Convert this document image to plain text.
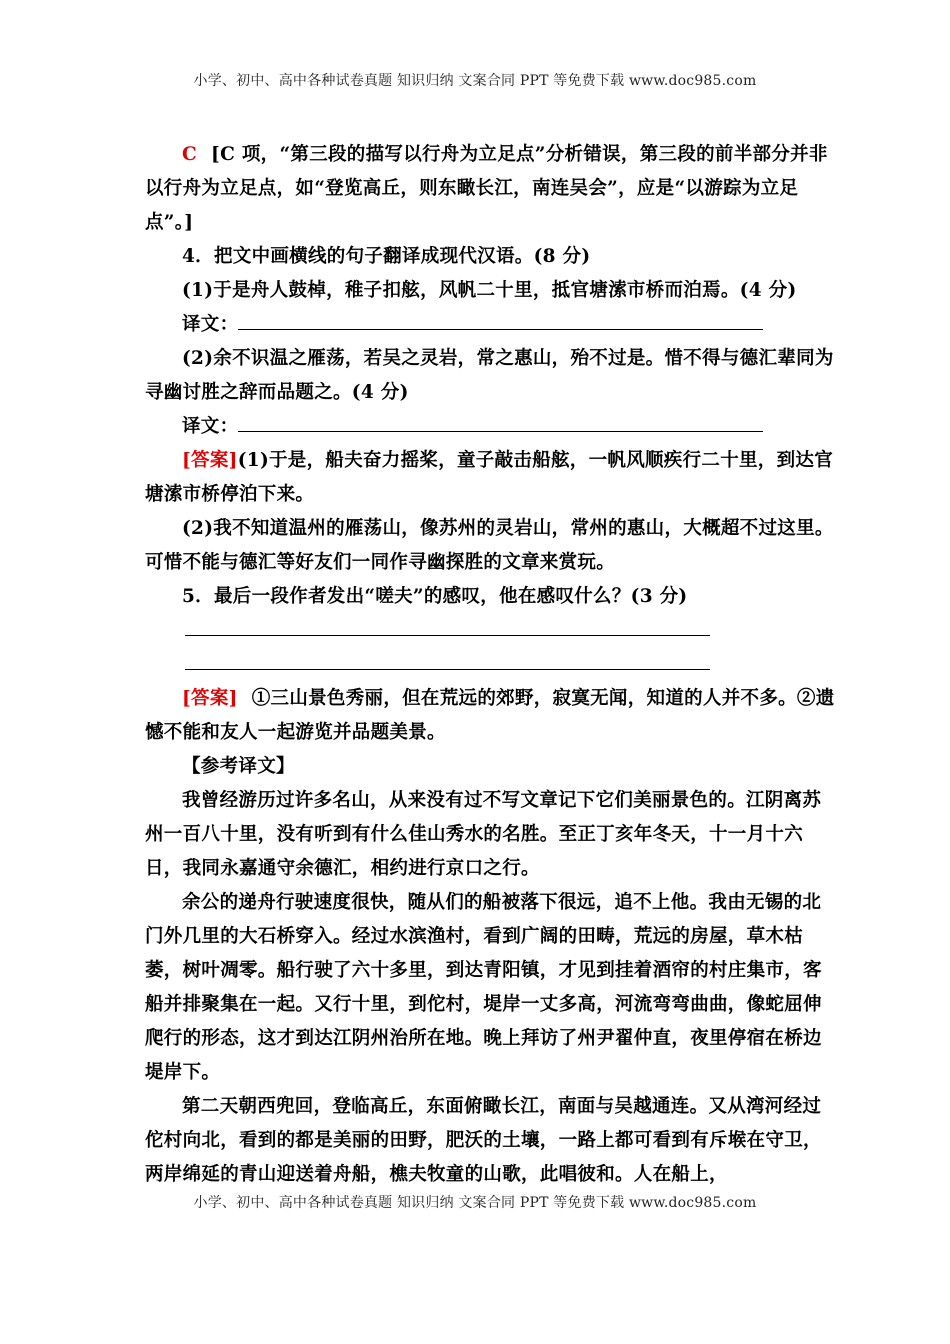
小学、初中、高中各种试卷真题 知识归纳 文案合同 PPT 等免费下载 www.doc985.com

C [C 项，“第三段的描写以行舟为立足点”分析错误，第三段的前半部分并非以行舟为立足点，如“登览高丘，则东瞰长江，南连吴会”，应是“以游踪为立足点”。]

4．把文中画横线的句子翻译成现代汉语。(8 分)

(1)于是舟人鼓棹，稚子扣舷，风帆二十里，抵官塘溹市桥而泊焉。(4 分)

译文：

(2)余不识温之雁荡，若吴之灵岩，常之惠山，殆不过是。惜不得与德汇辈同为寻幽讨胜之辞而品题之。(4 分)

译文：

[答案](1)于是，船夫奋力摇桨，童子敲击船舷，一帆风顺疾行二十里，到达官塘溹市桥停泊下来。

(2)我不知道温州的雁荡山，像苏州的灵岩山，常州的惠山，大概超不过这里。可惜不能与德汇等好友们一同作寻幽探胜的文章来赏玩。

5．最后一段作者发出“嗟夫”的感叹，他在感叹什么？(3 分)

[答案] ①三山景色秀丽，但在荒远的郊野，寂寞无闻，知道的人并不多。②遗憾不能和友人一起游览并品题美景。

【参考译文】

我曾经游历过许多名山，从来没有过不写文章记下它们美丽景色的。江阴离苏州一百八十里，没有听到有什么佳山秀水的名胜。至正丁亥年冬天，十一月十六日，我同永嘉通守余德汇，相约进行京口之行。

余公的递舟行驶速度很快，随从们的船被落下很远，追不上他。我由无锡的北门外几里的大石桥穿入。经过水滨渔村，看到广阔的田畴，荒远的房屋，草木枯萎，树叶凋零。船行驶了六十多里，到达青阳镇，才见到挂着酒帘的村庄集市，客船并排聚集在一起。又行十里，到佗村，堤岸一丈多高，河流弯弯曲曲，像蛇屈伸爬行的形态，这才到达江阴州治所在地。晚上拜访了州尹翟仲直，夜里停宿在桥边堤岸下。

第二天朝西兜回，登临高丘，东面俯瞰长江，南面与吴越通连。又从湾河经过佗村向北，看到的都是美丽的田野，肥沃的土壤，一路上都可看到有斥堠在守卫，两岸绵延的青山迎送着舟船，樵夫牧童的山歌，此唱彼和。人在船上，

小学、初中、高中各种试卷真题 知识归纳 文案合同 PPT 等免费下载 www.doc985.com
